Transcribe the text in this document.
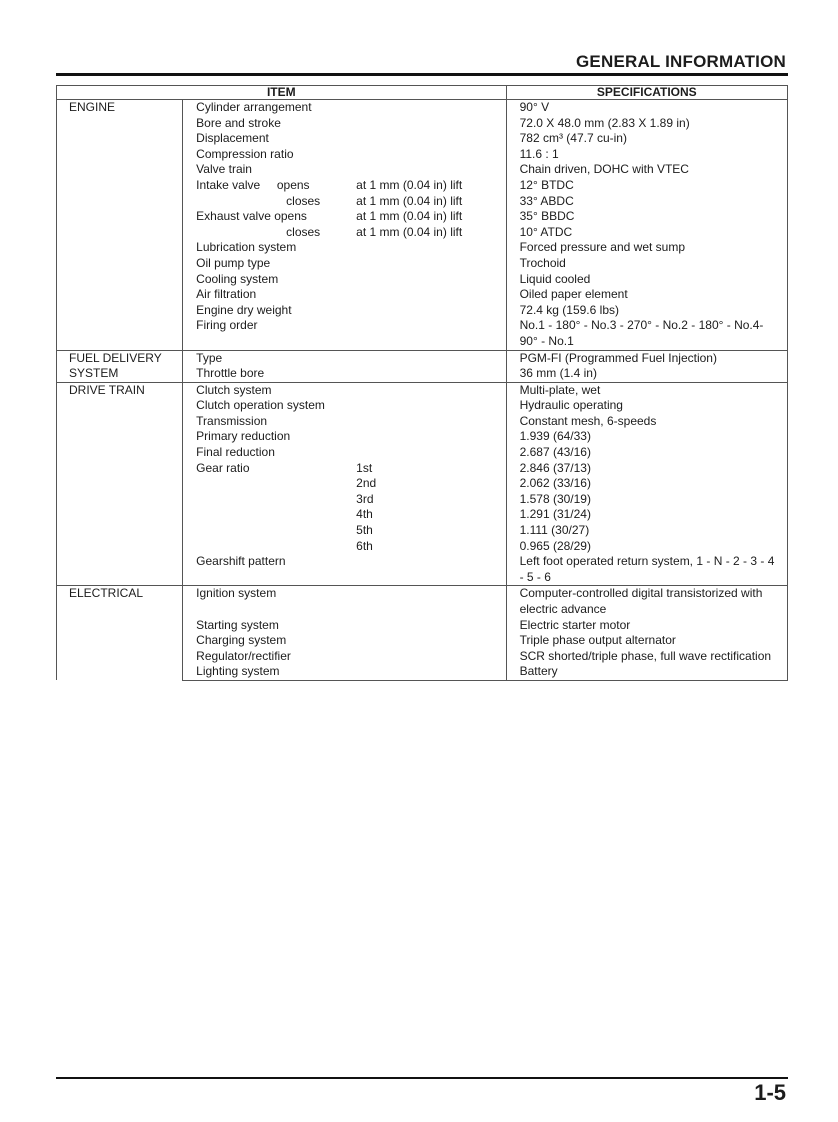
GENERAL INFORMATION
ITEM		SPECIFICATIONS
ENGINE	Cylinder arrangement	90° V
	Bore and stroke	72.0 X 48.0 mm (2.83 X 1.89 in)
	Displacement	782 cm³ (47.7 cu-in)
	Compression ratio	11.6 : 1
	Valve train	Chain driven, DOHC with VTEC
	Intake valve     opens at 1 mm (0.04 in) lift	12° BTDC
	closes at 1 mm (0.04 in) lift	33° ABDC
	Exhaust valve opens at 1 mm (0.04 in) lift	35° BBDC
	closes at 1 mm (0.04 in) lift	10° ATDC
	Lubrication system	Forced pressure and wet sump
	Oil pump type	Trochoid
	Cooling system	Liquid cooled
	Air filtration	Oiled paper element
	Engine dry weight	72.4 kg (159.6 lbs)
	Firing order	No.1 - 180° - No.3 - 270° - No.2 - 180° - No.4-90° - No.1
FUEL DELIVERY SYSTEM	Type	PGM-FI (Programmed Fuel Injection)
	Throttle bore	36 mm (1.4 in)
DRIVE TRAIN	Clutch system	Multi-plate, wet
	Clutch operation system	Hydraulic operating
	Transmission	Constant mesh, 6-speeds
	Primary reduction	1.939 (64/33)
	Final reduction	2.687 (43/16)
	Gear ratio 1st	2.846 (37/13)

	2nd	2.062 (33/16)

	3rd	1.578 (30/19)

	4th	1.291 (31/24)

	5th	1.111 (30/27)

	6th	0.965 (28/29)
	Gearshift pattern	Left foot operated return system, 1 - N - 2 - 3 - 4 - 5 - 6
ELECTRICAL	Ignition system	Computer-controlled digital transistorized with electric advance
	Starting system	Electric starter motor
	Charging system	Triple phase output alternator
	Regulator/rectifier	SCR shorted/triple phase, full wave rectification
	Lighting system	Battery
1-5
